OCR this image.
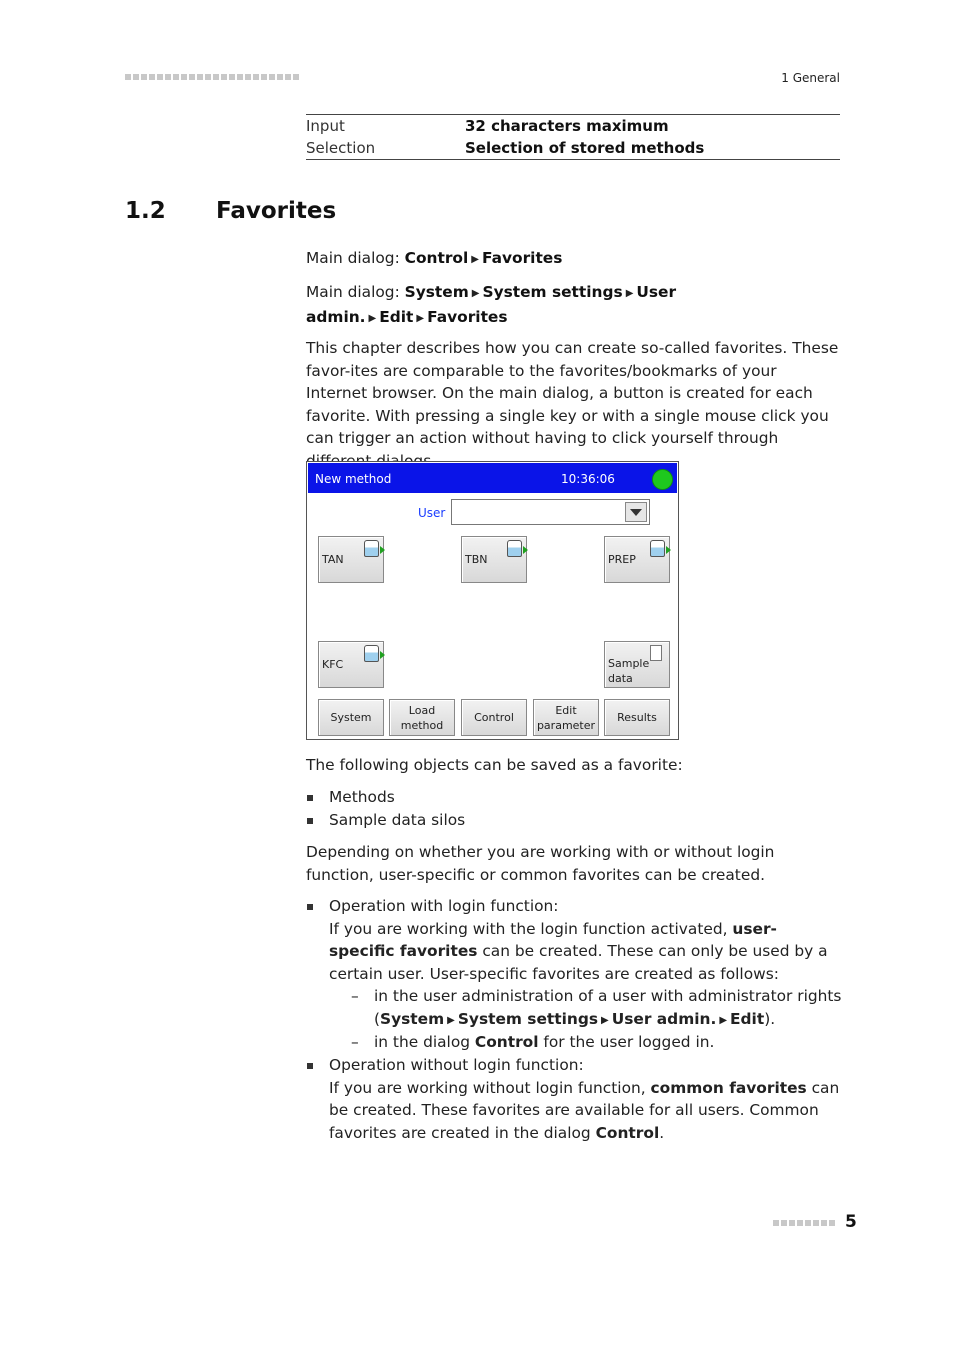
1 General
Input	32 characters maximum
Selection	Selection of stored methods
1.2 Favorites
Main dialog: Control ▶ Favorites
Main dialog: System ▶ System settings ▶ User admin. ▶ Edit ▶ Favorites
This chapter describes how you can create so-called favorites. These favor-ites are comparable to the favorites/bookmarks of your Internet browser. On the main dialog, a button is created for each favorite. With pressing a single key or with a single mouse click you can trigger an action without having to click yourself through
New method	10:36:06
User
TAN	TBN	PREP
KFC	Sample
data
System
Load
method
Control
Edit
parameter
Results
The following objects can be saved as a favorite:
Methods
Sample data silos
Depending on whether you are working with or without login function, user-specific or common favorites can be created.
Operation with login function:
If you are working with the login function activated, user-specific favorites can be created. These can only be used by a certain user. User-specific favorites are created as follows:
– in the user administration of a user with administrator rights
(System ▶ System settings ▶ User admin. ▶ Edit).
– in the dialog Control for the user logged in.
Operation without login function:
If you are working without login function, common favorites can be created. These favorites are available for all users. Common favorites are created in the dialog Control.
5
